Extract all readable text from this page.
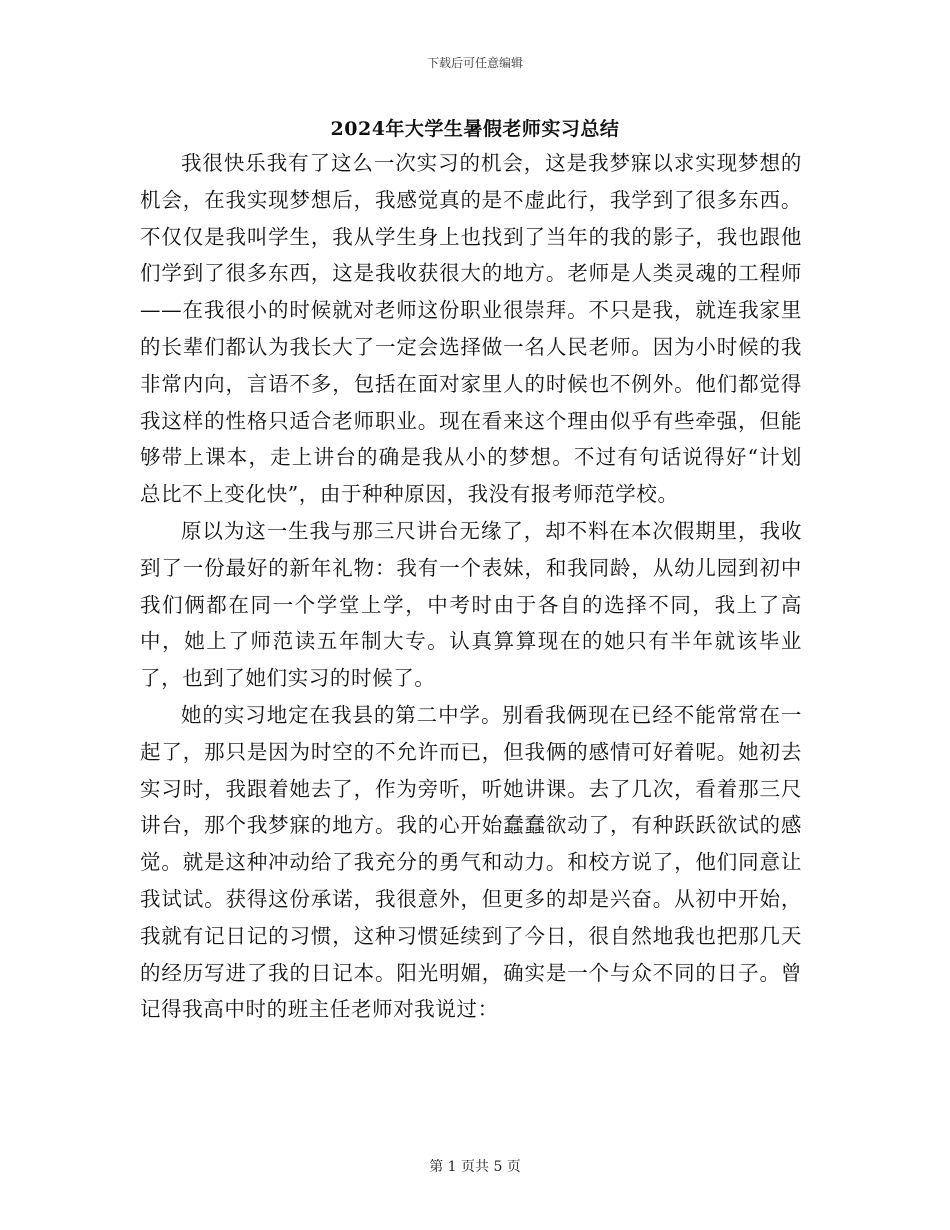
下载后可任意编辑
2024年大学生暑假老师实习总结

我很快乐我有了这么一次实习的机会，这是我梦寐以求实现梦想的机会，在我实现梦想后，我感觉真的是不虚此行，我学到了很多东西。不仅仅是我叫学生，我从学生身上也找到了当年的我的影子，我也跟他们学到了很多东西，这是我收获很大的地方。老师是人类灵魂的工程师——在我很小的时候就对老师这份职业很崇拜。不只是我，就连我家里的长辈们都认为我长大了一定会选择做一名人民老师。因为小时候的我非常内向，言语不多，包括在面对家里人的时候也不例外。他们都觉得我这样的性格只适合老师职业。现在看来这个理由似乎有些牵强，但能够带上课本，走上讲台的确是我从小的梦想。不过有句话说得好“计划总比不上变化快”，由于种种原因，我没有报考师范学校。

原以为这一生我与那三尺讲台无缘了，却不料在本次假期里，我收到了一份最好的新年礼物：我有一个表妹，和我同龄，从幼儿园到初中我们俩都在同一个学堂上学，中考时由于各自的选择不同，我上了高中，她上了师范读五年制大专。认真算算现在的她只有半年就该毕业了，也到了她们实习的时候了。

她的实习地定在我县的第二中学。别看我俩现在已经不能常常在一起了，那只是因为时空的不允许而已，但我俩的感情可好着呢。她初去实习时，我跟着她去了，作为旁听，听她讲课。去了几次，看着那三尺讲台，那个我梦寐的地方。我的心开始蠢蠢欲动了，有种跃跃欲试的感觉。就是这种冲动给了我充分的勇气和动力。和校方说了，他们同意让我试试。获得这份承诺，我很意外，但更多的却是兴奋。从初中开始，我就有记日记的习惯，这种习惯延续到了今日，很自然地我也把那几天的经历写进了我的日记本。阳光明媚，确实是一个与众不同的日子。曾记得我高中时的班主任老师对我说过：

第 1 页共 5 页
